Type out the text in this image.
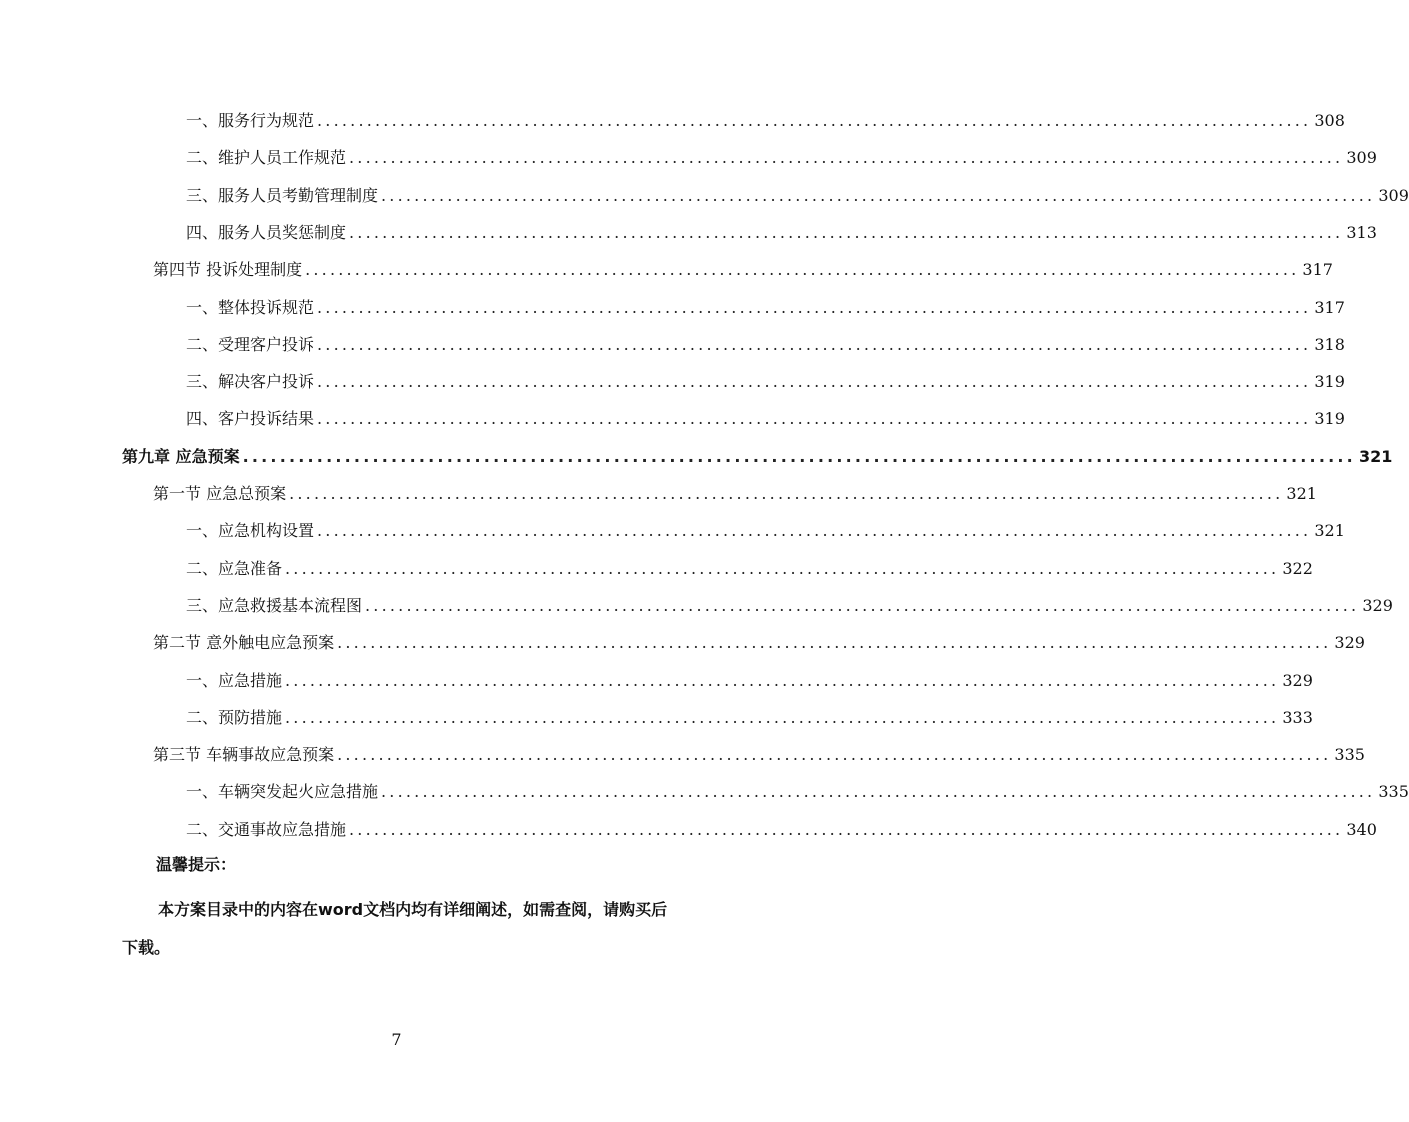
一、服务行为规范 ........................................................................................................................ 308
二、维护人员工作规范 ........................................................................................................................ 309
三、服务人员考勤管理制度 ........................................................................................................................ 309
四、服务人员奖惩制度 ........................................................................................................................ 313
第四节 投诉处理制度 ........................................................................................................................ 317
一、整体投诉规范 ........................................................................................................................ 317
二、受理客户投诉 ........................................................................................................................ 318
三、解决客户投诉 ........................................................................................................................ 319
四、客户投诉结果 ........................................................................................................................ 319
第九章 应急预案 ........................................................................................................................ 321
第一节 应急总预案 ........................................................................................................................ 321
一、应急机构设置 ........................................................................................................................ 321
二、应急准备 ........................................................................................................................ 322
三、应急救援基本流程图 ........................................................................................................................ 329
第二节 意外触电应急预案 ........................................................................................................................ 329
一、应急措施 ........................................................................................................................ 329
二、预防措施 ........................................................................................................................ 333
第三节 车辆事故应急预案 ........................................................................................................................ 335
一、车辆突发起火应急措施 ........................................................................................................................ 335
二、交通事故应急措施 ........................................................................................................................ 340
温馨提示：
本方案目录中的内容在word文档内均有详细阐述，如需查阅，请购买后下载。
7
